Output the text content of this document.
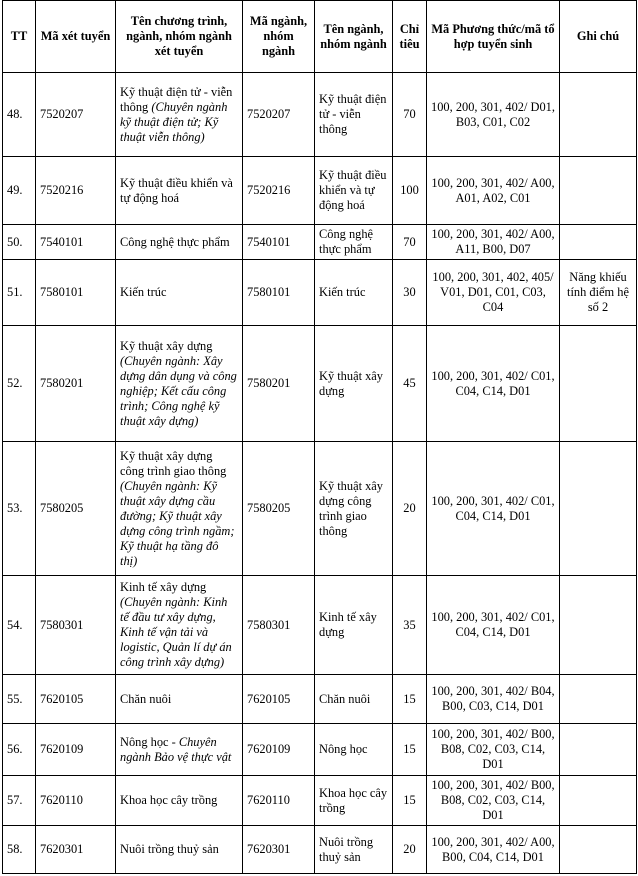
TT	Mã xét tuyển	Tên chương trình, ngành, nhóm ngành xét tuyển	Mã ngành, nhóm ngành	Tên ngành, nhóm ngành	Chỉ tiêu	Mã Phương thức/mã tổ hợp tuyển sinh	Ghi chú
48.	7520207	Kỹ thuật điện tử - viễn thông (Chuyên ngành kỹ thuật điện tử; Kỹ thuật viễn thông)	7520207	Kỹ thuật điện tử - viễn thông	70	100, 200, 301, 402/ D01, B03, C01, C02	
49.	7520216	Kỹ thuật điều khiển và tự động hoá	7520216	Kỹ thuật điều khiển và tự động hoá	100	100, 200, 301, 402/ A00, A01, A02, C01	
50.	7540101	Công nghệ thực phẩm	7540101	Công nghệ thực phẩm	70	100, 200, 301, 402/ A00, A11, B00, D07	
51.	7580101	Kiến trúc	7580101	Kiến trúc	30	100, 200, 301, 402, 405/ V01, D01, C01, C03, C04	Năng khiếu tính điểm hệ số 2
52.	7580201	Kỹ thuật xây dựng (Chuyên ngành: Xây dựng dân dụng và công nghiệp; Kết cấu công trình; Công nghệ kỹ thuật xây dựng)	7580201	Kỹ thuật xây dựng	45	100, 200, 301, 402/ C01, C04, C14, D01	
53.	7580205	Kỹ thuật xây dựng công trình giao thông (Chuyên ngành: Kỹ thuật xây dựng cầu đường; Kỹ thuật xây dựng công trình ngầm; Kỹ thuật hạ tầng đô thị)	7580205	Kỹ thuật xây dựng công trình giao thông	20	100, 200, 301, 402/ C01, C04, C14, D01	
54.	7580301	Kinh tế xây dựng (Chuyên ngành: Kinh tế đầu tư xây dựng, Kinh tế vận tải và logistic, Quản lí dự án công trình xây dựng)	7580301	Kinh tế xây dựng	35	100, 200, 301, 402/ C01, C04, C14, D01	
55.	7620105	Chăn nuôi	7620105	Chăn nuôi	15	100, 200, 301, 402/ B04, B00, C03, C14, D01	
56.	7620109	Nông học - Chuyên ngành Bảo vệ thực vật	7620109	Nông học	15	100, 200, 301, 402/ B00, B08, C02, C03, C14, D01	
57.	7620110	Khoa học cây trồng	7620110	Khoa học cây trồng	15	100, 200, 301, 402/ B00, B08, C02, C03, C14, D01	
58.	7620301	Nuôi trồng thuỷ sản	7620301	Nuôi trồng thuỷ sản	20	100, 200, 301, 402/ A00, B00, C04, C14, D01	
